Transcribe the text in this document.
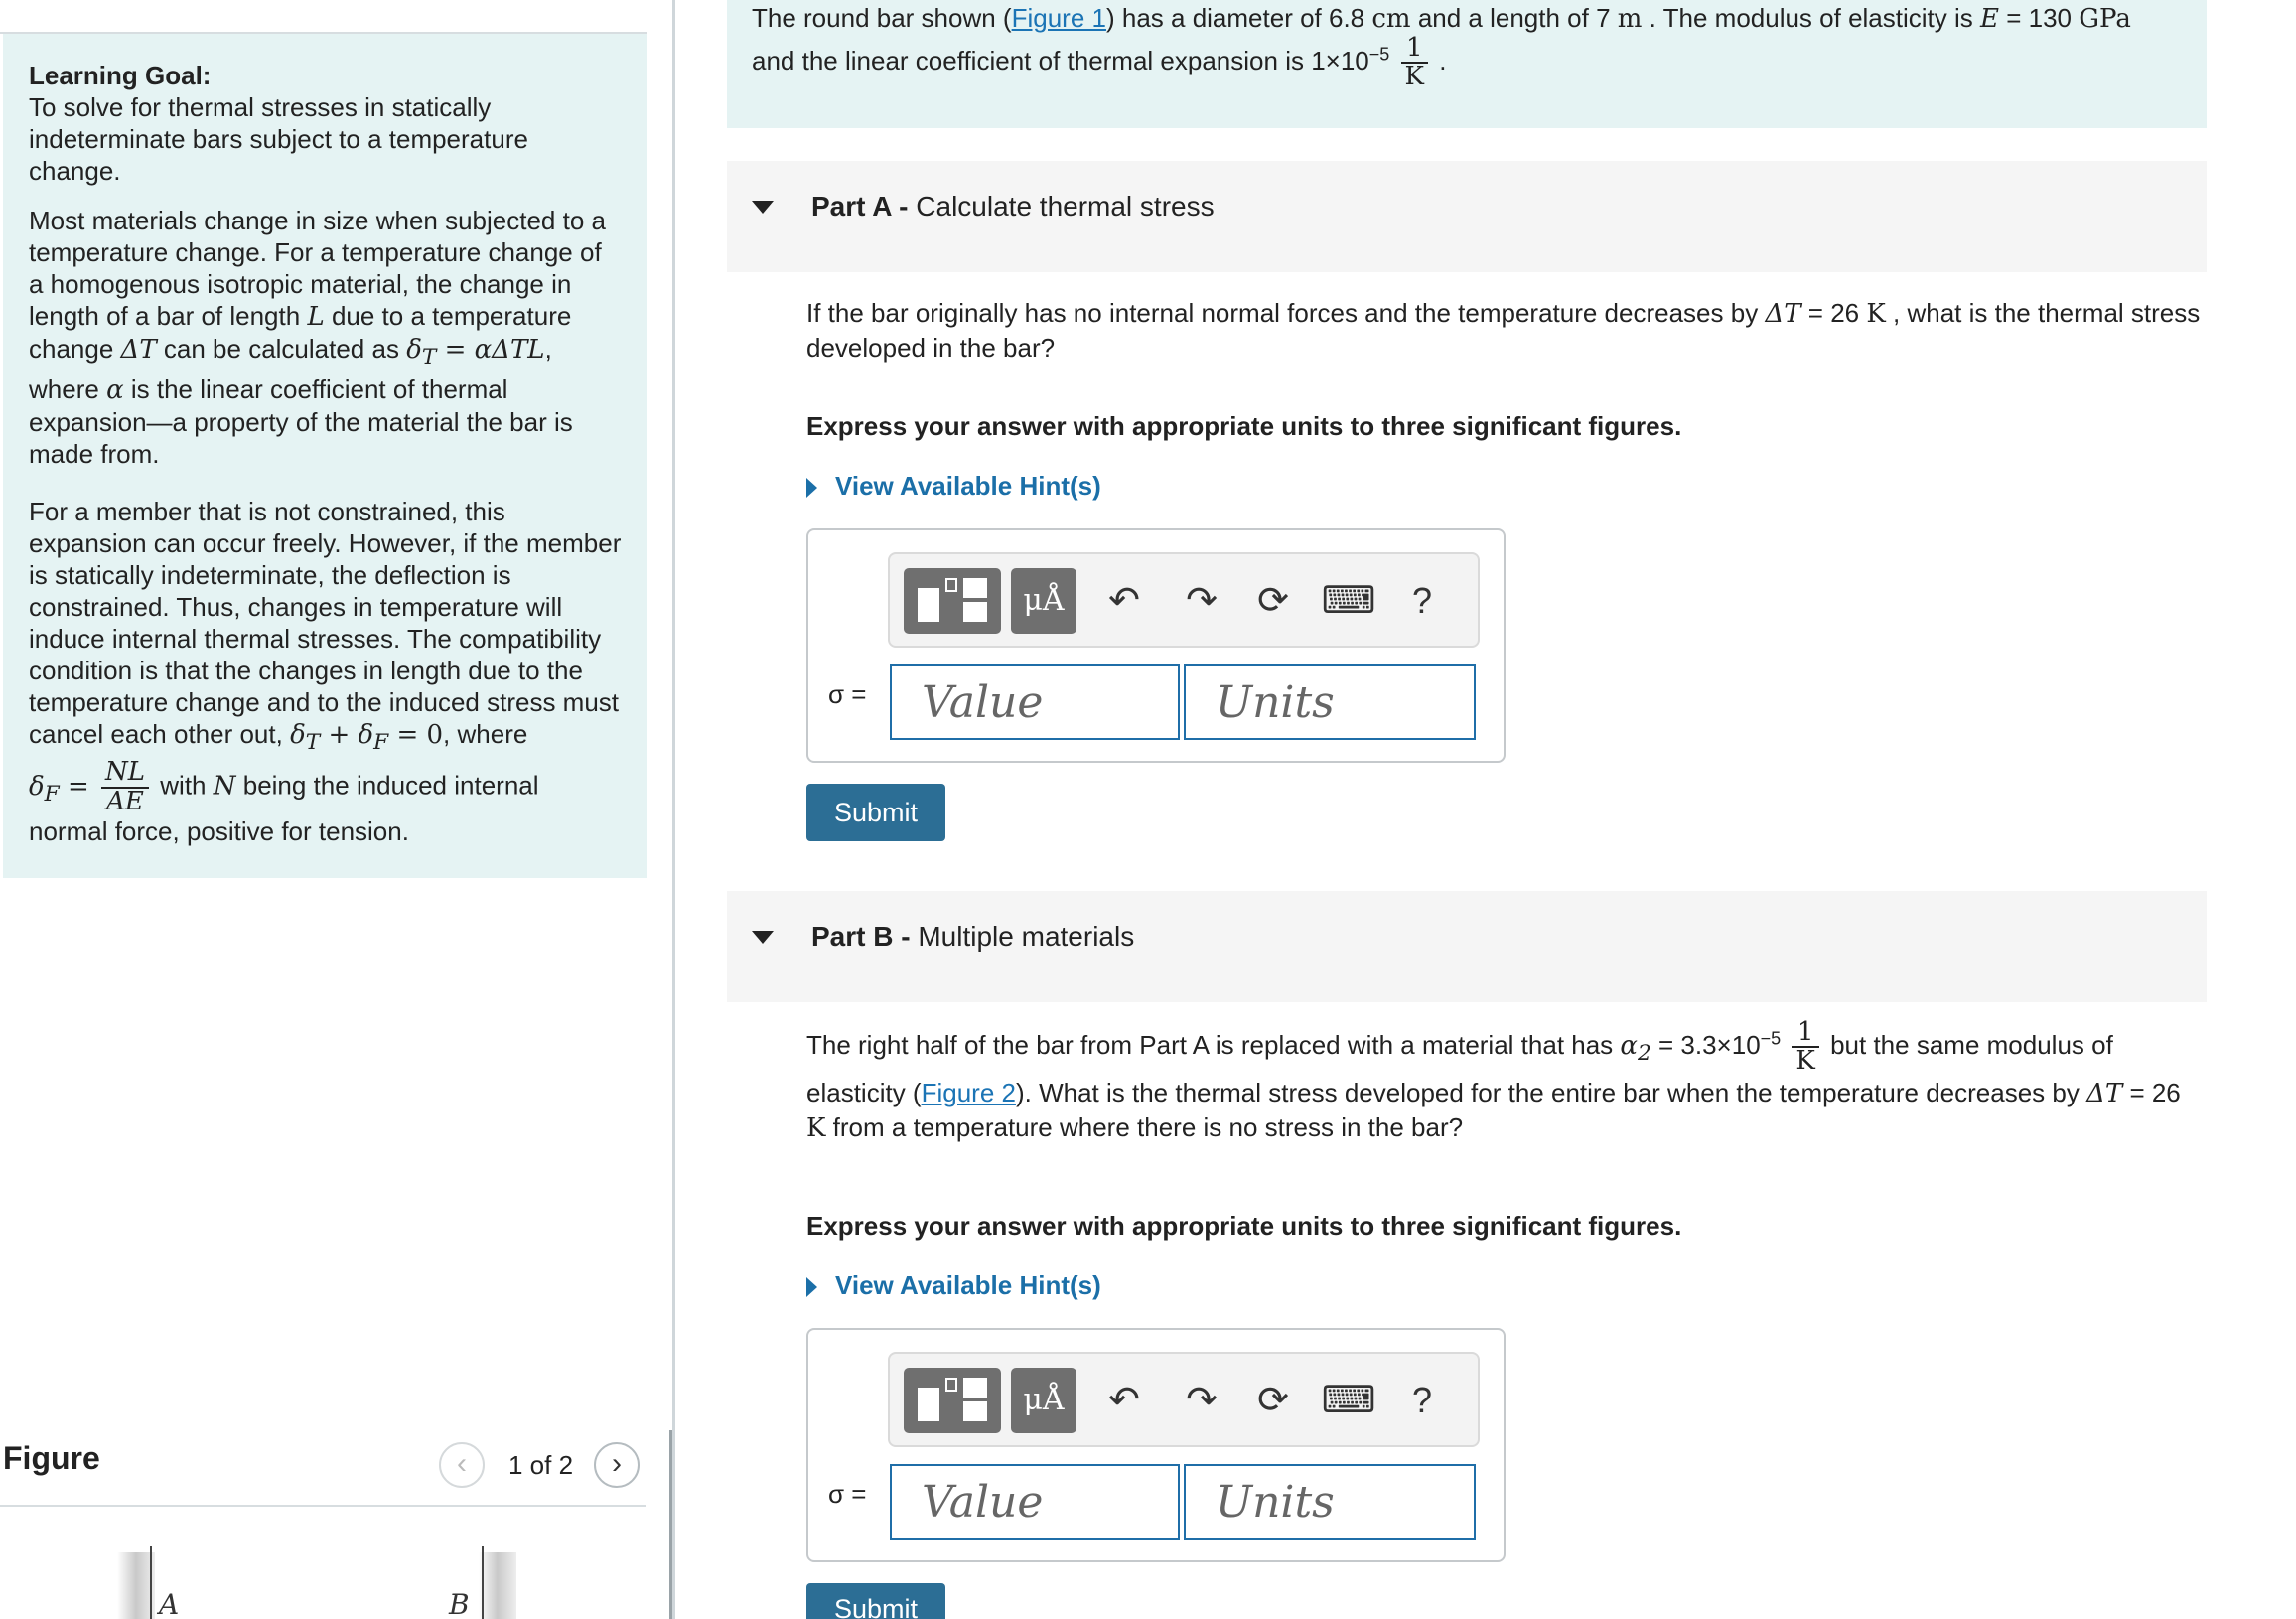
Learning Goal:
To solve for thermal stresses in statically indeterminate bars subject to a temperature change.

Most materials change in size when subjected to a temperature change. For a temperature change of a homogenous isotropic material, the change in length of a bar of length L due to a temperature change ΔT can be calculated as $\delta_T = \alpha\Delta TL$, where α is the linear coefficient of thermal expansion—a property of the material the bar is made from.

For a member that is not constrained, this expansion can occur freely. However, if the member is statically indeterminate, the deflection is constrained. Thus, changes in temperature will induce internal thermal stresses. The compatibility condition is that the changes in length due to the temperature change and to the induced stress must cancel each other out, $\delta_T + \delta_F = 0$, where
$\delta_F = \frac{NL}{AE}$ with N being the induced internal normal force, positive for tension.

Figure	‹	1 of 2	›
A	B
The round bar shown (Figure 1) has a diameter of 6.8 cm and a length of 7 m . The modulus of elasticity is E = 130 GPa
and the linear coefficient of thermal expansion is $1\times 10^{-5} \frac{1}{K}$ .
Part A - Calculate thermal stress
If the bar originally has no internal normal forces and the temperature decreases by ΔT = 26 K , what is the thermal stress developed in the bar?
Express your answer with appropriate units to three significant figures.
View Available Hint(s)
μÅ	↶	↷	⟳ ⌨	?
σ =
Value
Units
Submit
Part B - Multiple materials
The right half of the bar from Part A is replaced with a material that has $\alpha_2 = 3.3\times 10^{-5} \frac{1}{K}$ but the same modulus of elasticity (Figure 2). What is the thermal stress developed for the entire bar when the temperature decreases by ΔT = 26 K from a temperature where there is no stress in the bar?
Express your answer with appropriate units to three significant figures.
View Available Hint(s)
μÅ	↶	↷	⟳ ⌨	?
σ =
Value
Units
Submit
